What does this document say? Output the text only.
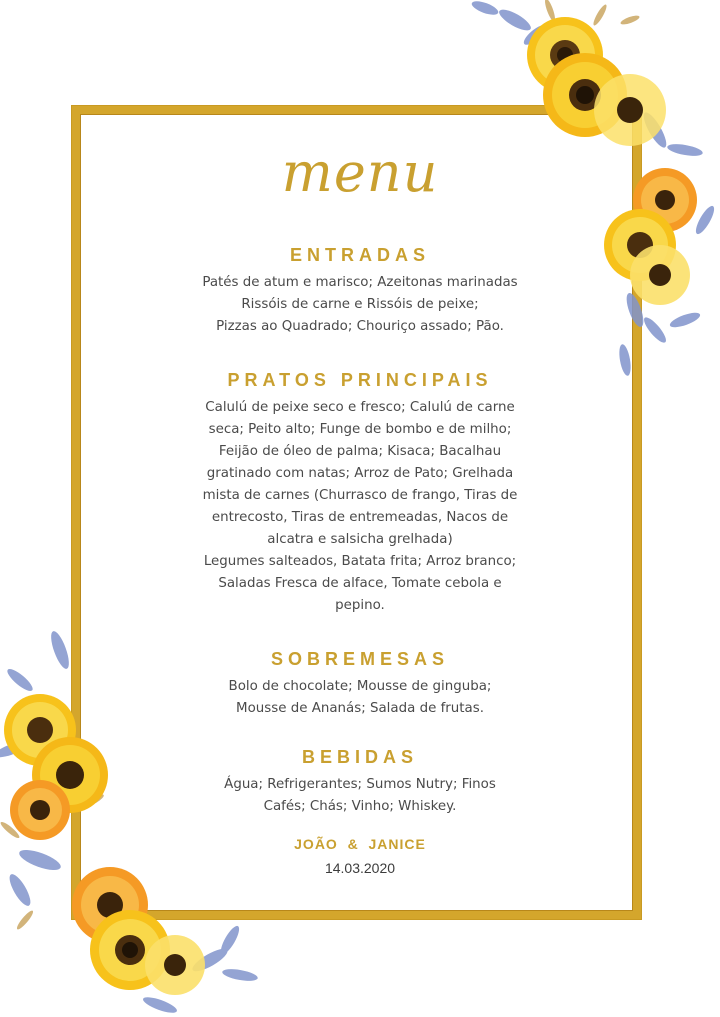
menu

ENTRADAS

Patés de atum e marisco; Azeitonas marinadas
Rissóis de carne e Rissóis de peixe;
Pizzas ao Quadrado; Chouriço assado; Pão.

PRATOS PRINCIPAIS

Calulú de peixe seco e fresco; Calulú de carne
seca; Peito alto; Funge de bombo e de milho;
Feijão de óleo de palma; Kisaca; Bacalhau
gratinado com natas; Arroz de Pato; Grelhada
mista de carnes (Churrasco de frango, Tiras de
entrecosto, Tiras de entremeadas, Nacos de
alcatra e salsicha grelhada)
Legumes salteados, Batata frita; Arroz branco;
Saladas Fresca de alface, Tomate cebola e
pepino.

SOBREMESAS

Bolo de chocolate; Mousse de ginguba;
Mousse de Ananás; Salada de frutas.

BEBIDAS

Água; Refrigerantes; Sumos Nutry; Finos
Cafés; Chás; Vinho; Whiskey.

JOÃO  &  JANICE
14.03.2020
